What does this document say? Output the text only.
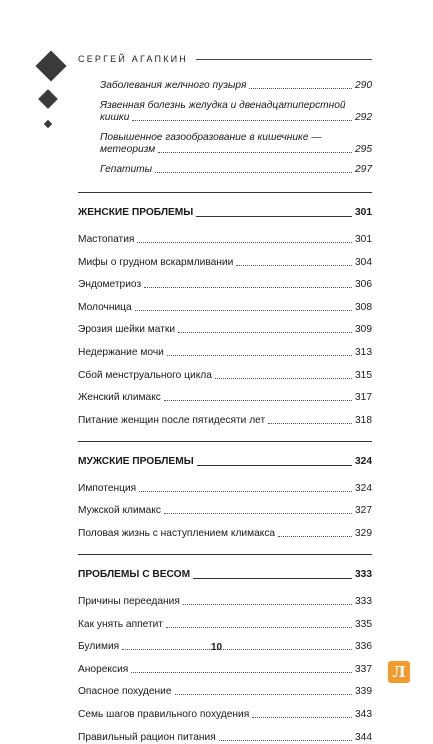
СЕРГЕЙ АГАПКИН
Заболевания желчного пузыря	290
Язвенная болезнь желудка и двенадцатиперстной
кишки	292
Повышенное газообразование в кишечнике —
метеоризм	295
Гепатиты	297
ЖЕНСКИЕ ПРОБЛЕМЫ	301
Мастопатия	301
Мифы о грудном вскармливании	304
Эндометриоз	306
Молочница	308
Эрозия шейки матки	309
Недержание мочи	313
Сбой менструального цикла	315
Женский климакс	317
Питание женщин после пятидесяти лет	318
МУЖСКИЕ ПРОБЛЕМЫ	324
Импотенция	324
Мужской климакс	327
Половая жизнь с наступлением климакса	329
ПРОБЛЕМЫ С ВЕСОМ	333
Причины переедания	333
Как унять аппетит	335
Булимия	336
Анорексия	337
Опасное похудение	339
Семь шагов правильного похудения	343
Правильный рацион питания	344
10
Л
